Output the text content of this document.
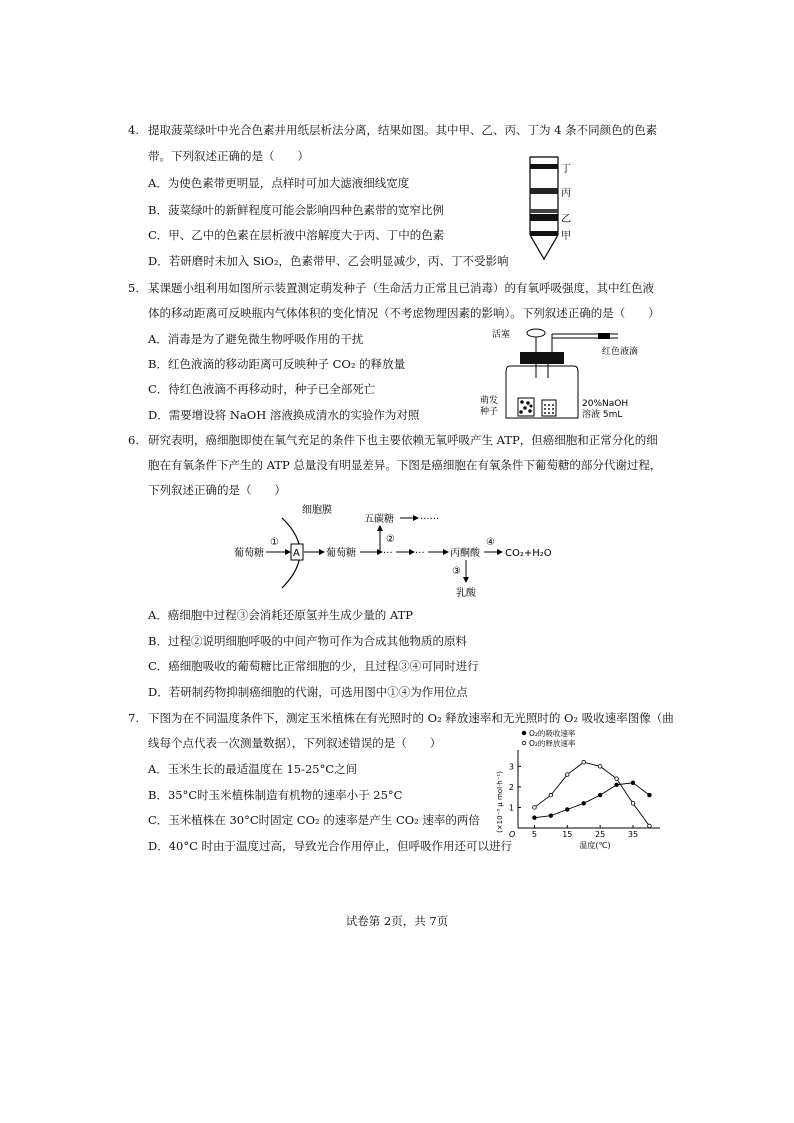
4. 提取菠菜绿叶中光合色素并用纸层析法分离，结果如图。其中甲、乙、丙、丁为 4 条不同颜色的色素
带。下列叙述正确的是（　　）
A．为使色素带更明显，点样时可加大滤液细线宽度
B．菠菜绿叶的新鲜程度可能会影响四种色素带的宽窄比例
C．甲、乙中的色素在层析液中溶解度大于丙、丁中的色素
D．若研磨时未加入 SiO₂，色素带甲、乙会明显减少，丙、丁不受影响
丁
丙
乙
甲
5. 某课题小组利用如图所示装置测定萌发种子（生命活力正常且已消毒）的有氧呼吸强度，其中红色液
体的移动距离可反映瓶内气体体积的变化情况（不考虑物理因素的影响）。下列叙述正确的是（　　）
A．消毒是为了避免微生物呼吸作用的干扰
B．红色液滴的移动距离可反映种子 CO₂ 的释放量
C．待红色液滴不再移动时，种子已全部死亡
D．需要增设将 NaOH 溶液换成清水的实验作为对照
活塞
红色液滴
萌发
种子
20%NaOH
溶液 5mL
6. 研究表明，癌细胞即使在氧气充足的条件下也主要依赖无氧呼吸产生 ATP，但癌细胞和正常分化的细
胞在有氧条件下产生的 ATP 总量没有明显差异。下图是癌细胞在有氧条件下葡萄糖的部分代谢过程，
下列叙述正确的是（　　）
细胞膜
葡萄糖
①
A	葡萄糖	··· ···	丙酮酸
④
CO₂+H₂O
②
五碳糖	······
③
乳酸
A．癌细胞中过程③会消耗还原氢并生成少量的 ATP
B．过程②说明细胞呼吸的中间产物可作为合成其他物质的原料
C．癌细胞吸收的葡萄糖比正常细胞的少，且过程③④可同时进行
D．若研制药物抑制癌细胞的代谢，可选用图中①④为作用位点
7. 下图为在不同温度条件下，测定玉米植株在有光照时的 O₂ 释放速率和无光照时的 O₂ 吸收速率图像（曲
线每个点代表一次测量数据），下列叙述错误的是（　　）
A．玉米生长的最适温度在 15-25°C之间
B．35°C时玉米植株制造有机物的速率小于 25°C
C．玉米植株在 30°C时固定 CO₂ 的速率是产生 CO₂ 速率的两倍
D．40°C 时由于温度过高，导致光合作用停止，但呼吸作用还可以进行
O₂的吸收速率
O₂的释放速率
(×10⁻³ μ mol·h⁻¹)
O
1
2
3
5	15	25	35
温度(℃)
试卷第 2页，共 7页
